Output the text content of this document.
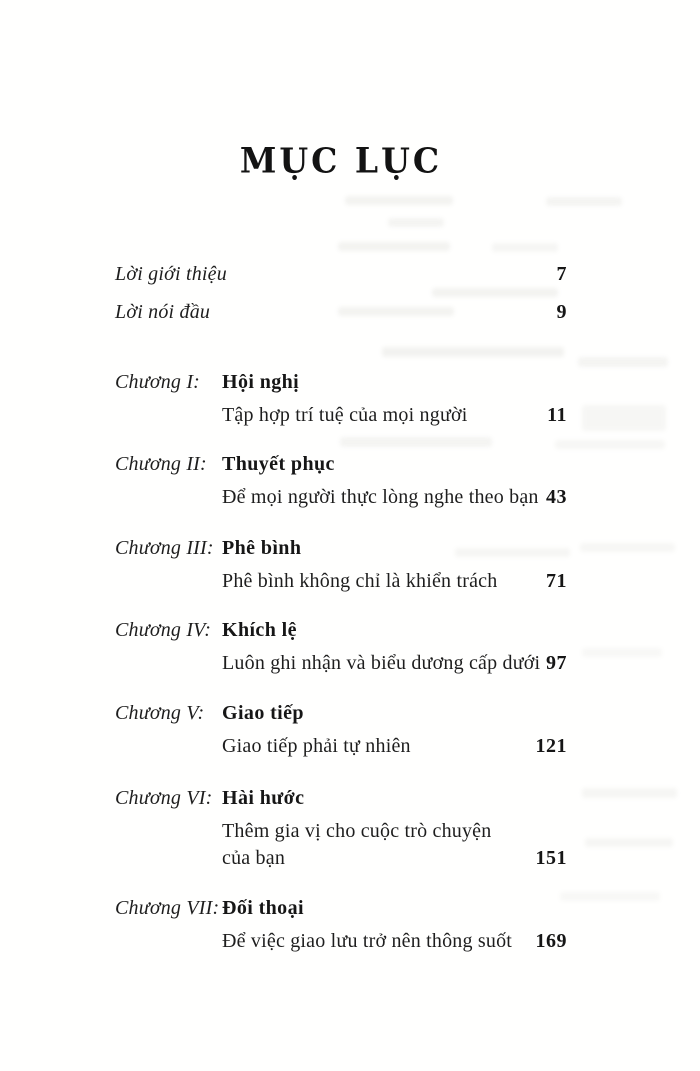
MỤC LỤC
Lời giới thiệu	7
Lời nói đầu	9
Chương I:	Hội nghị
Tập hợp trí tuệ của mọi người	11
Chương II: Thuyết phục
Để mọi người thực lòng nghe theo bạn 43
Chương III: Phê bình
Phê bình không chỉ là khiển trách 71
Chương IV: Khích lệ
Luôn ghi nhận và biểu dương cấp dưới 97
Chương V: Giao tiếp
Giao tiếp phải tự nhiên	121
Chương VI: Hài hước
Thêm gia vị cho cuộc trò chuyện
của bạn	151
Chương VII: Đối thoại
Để việc giao lưu trở nên thông suốt 169
